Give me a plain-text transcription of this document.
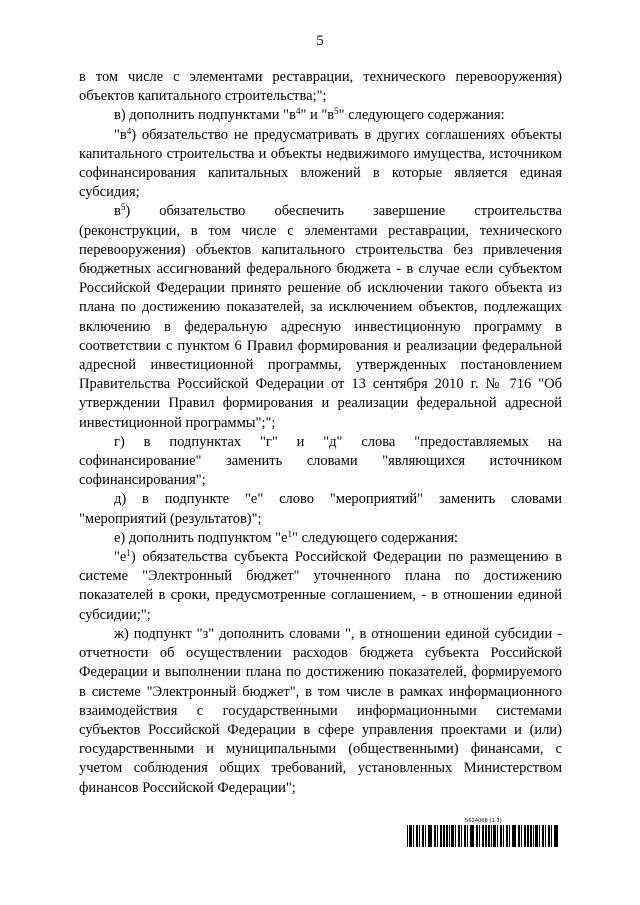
5

в том числе с элементами реставрации, технического перевооружения) объектов капитального строительства;";

в) дополнить подпунктами "$в^4$" и "$в^5$" следующего содержания:

"$в^4$) обязательство не предусматривать в других соглашениях объекты капитального строительства и объекты недвижимого имущества, источником софинансирования капитальных вложений в которые является единая субсидия;

$в^5$) обязательство обеспечить завершение строительства (реконструкции, в том числе с элементами реставрации, технического перевооружения) объектов капитального строительства без привлечения бюджетных ассигнований федерального бюджета - в случае если субъектом Российской Федерации принято решение об исключении такого объекта из плана по достижению показателей, за исключением объектов, подлежащих включению в федеральную адресную инвестиционную программу в соответствии с пунктом 6 Правил формирования и реализации федеральной адресной инвестиционной программы, утвержденных постановлением Правительства Российской Федерации от 13 сентября 2010 г. № 716 "Об утверждении Правил формирования и реализации федеральной адресной инвестиционной программы";";

г) в подпунктах "г" и "д" слова "предоставляемых на софинансирование" заменить словами "являющихся источником софинансирования";

д) в подпункте "е" слово "мероприятий" заменить словами "мероприятий (результатов)";

е) дополнить подпунктом "$е^1$" следующего содержания:

"$е^1$) обязательства субъекта Российской Федерации по размещению в системе "Электронный бюджет" уточненного плана по достижению показателей в сроки, предусмотренные соглашением, - в отношении единой субсидии;";

ж) подпункт "з" дополнить словами ", в отношении единой субсидии - отчетности об осуществлении расходов бюджета субъекта Российской Федерации и выполнении плана по достижению показателей, формируемого в системе "Электронный бюджет", в том числе в рамках информационного взаимодействия с государственными информационными системами субъектов Российской Федерации в сфере управления проектами и (или) государственными и муниципальными (общественными) финансами, с учетом соблюдения общих требований, установленных Министерством финансов Российской Федерации";

5624068 (1.1)
